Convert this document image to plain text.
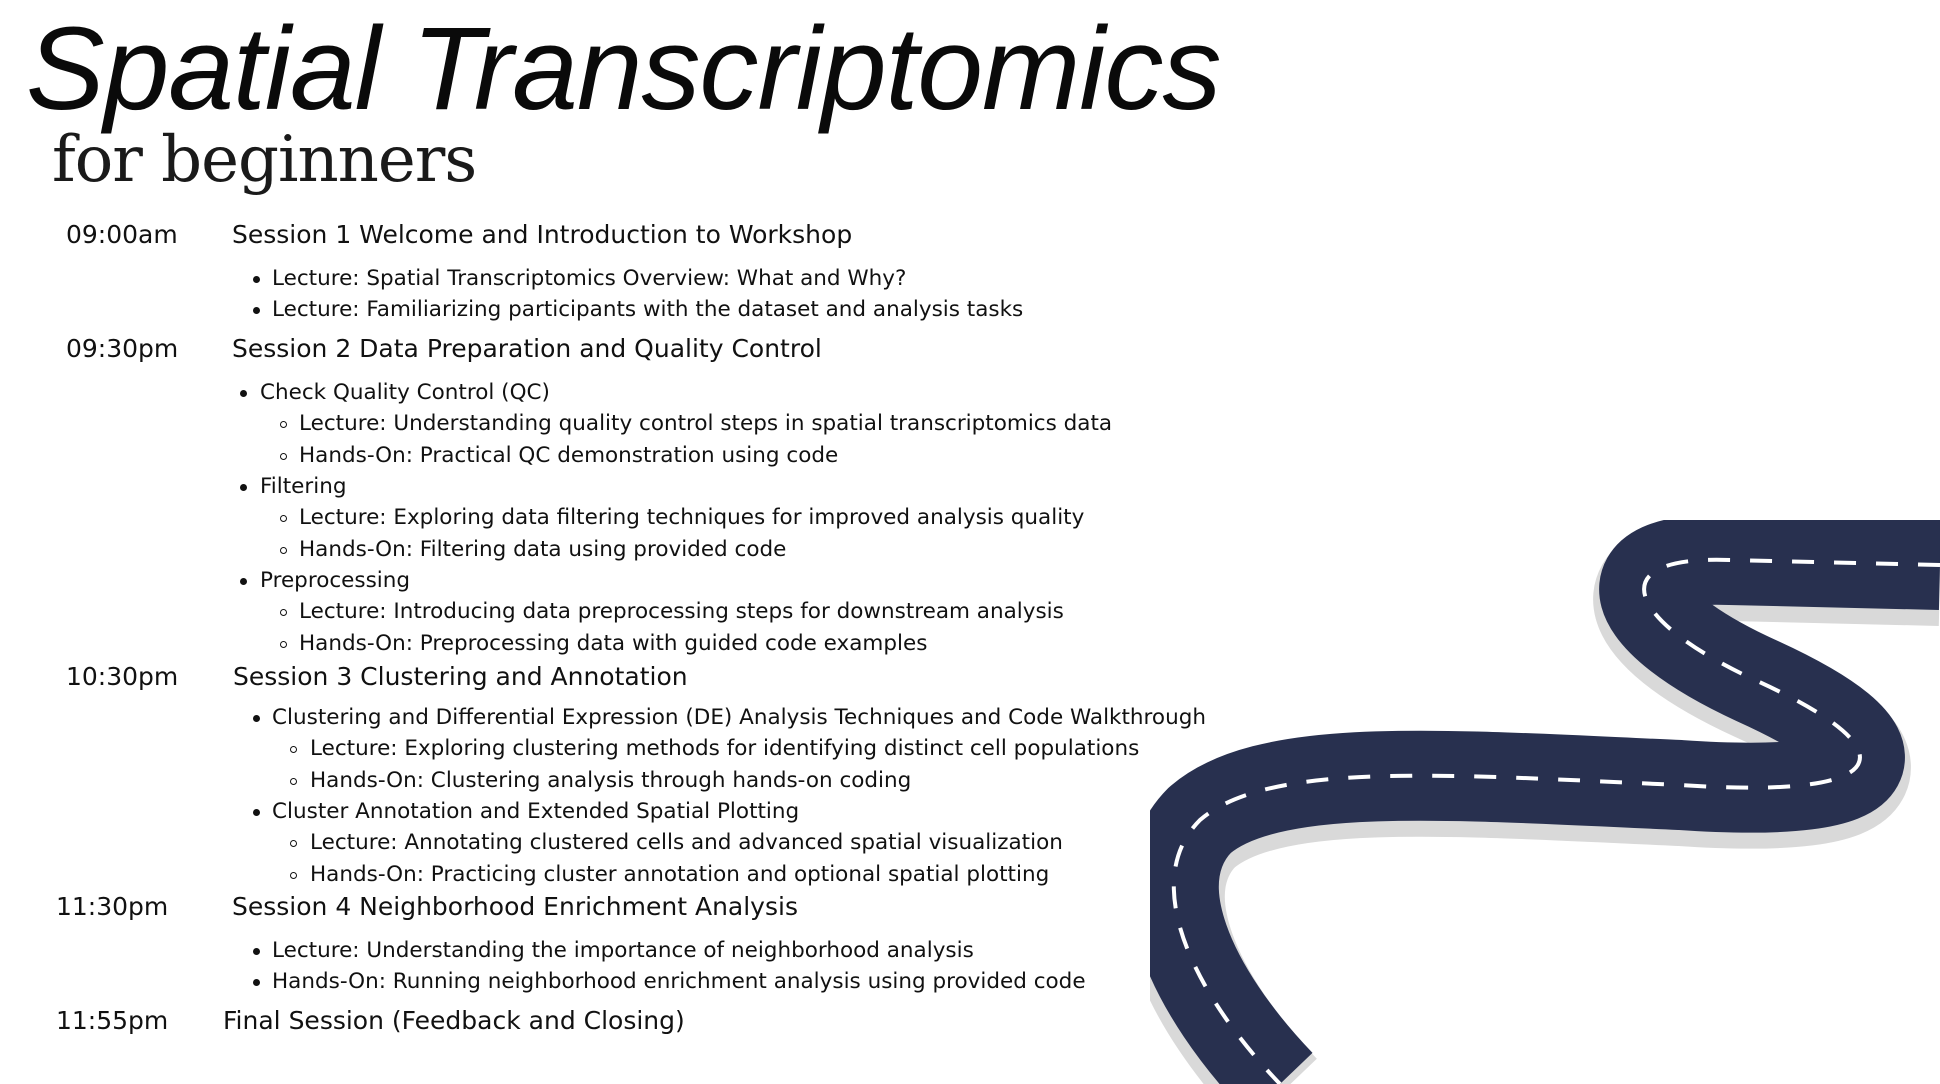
Spatial Transcriptomics
for beginners
09:00am Session 1 Welcome and Introduction to Workshop
Lecture: Spatial Transcriptomics Overview: What and Why?
Lecture: Familiarizing participants with the dataset and analysis tasks
09:30pm Session 2 Data Preparation and Quality Control
Check Quality Control (QC)
Lecture: Understanding quality control steps in spatial transcriptomics data
Hands-On: Practical QC demonstration using code
Filtering
Lecture: Exploring data filtering techniques for improved analysis quality
Hands-On: Filtering data using provided code
Preprocessing
Lecture: Introducing data preprocessing steps for downstream analysis
Hands-On: Preprocessing data with guided code examples
10:30pm Session 3 Clustering and Annotation
Clustering and Differential Expression (DE) Analysis Techniques and Code Walkthrough
Lecture: Exploring clustering methods for identifying distinct cell populations
Hands-On: Clustering analysis through hands-on coding
Cluster Annotation and Extended Spatial Plotting
Lecture: Annotating clustered cells and advanced spatial visualization
Hands-On: Practicing cluster annotation and optional spatial plotting
11:30pm	Session 4 Neighborhood Enrichment Analysis
Lecture: Understanding the importance of neighborhood analysis
Hands-On: Running neighborhood enrichment analysis using provided code
11:55pm Final Session (Feedback and Closing)
